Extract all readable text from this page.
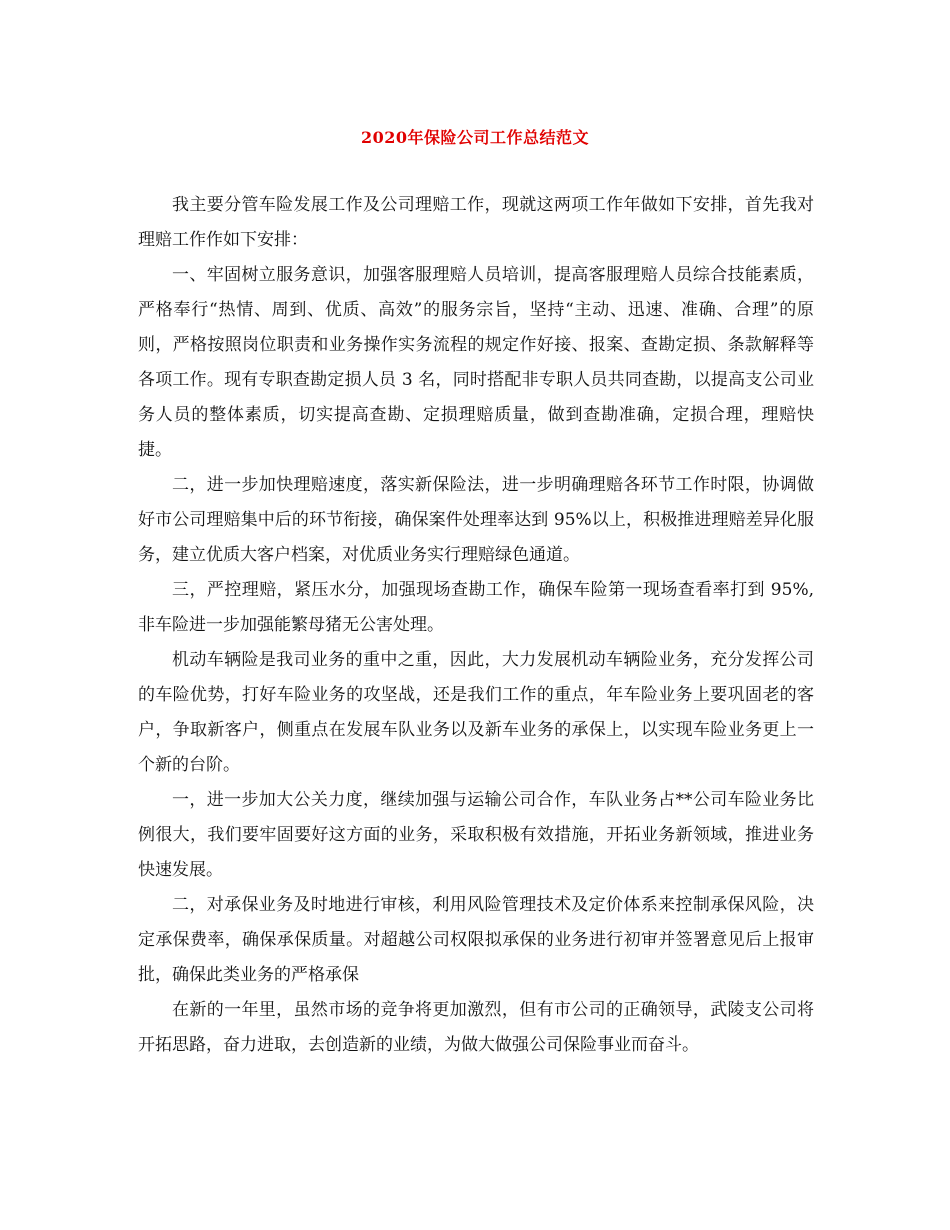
2020年保险公司工作总结范文

我主要分管车险发展工作及公司理赔工作，现就这两项工作年做如下安排，首先我对理赔工作作如下安排：

一、牢固树立服务意识，加强客服理赔人员培训，提高客服理赔人员综合技能素质，严格奉行“热情、周到、优质、高效”的服务宗旨，坚持“主动、迅速、准确、合理”的原则，严格按照岗位职责和业务操作实务流程的规定作好接、报案、查勘定损、条款解释等各项工作。现有专职查勘定损人员 3 名，同时搭配非专职人员共同查勘，以提高支公司业务人员的整体素质，切实提高查勘、定损理赔质量，做到查勘准确，定损合理，理赔快捷。

二，进一步加快理赔速度，落实新保险法，进一步明确理赔各环节工作时限，协调做好市公司理赔集中后的环节衔接，确保案件处理率达到 95%以上，积极推进理赔差异化服务，建立优质大客户档案，对优质业务实行理赔绿色通道。

三，严控理赔，紧压水分，加强现场查勘工作，确保车险第一现场查看率打到 95%,非车险进一步加强能繁母猪无公害处理。

机动车辆险是我司业务的重中之重，因此，大力发展机动车辆险业务，充分发挥公司的车险优势，打好车险业务的攻坚战，还是我们工作的重点，年车险业务上要巩固老的客户，争取新客户，侧重点在发展车队业务以及新车业务的承保上，以实现车险业务更上一个新的台阶。

一，进一步加大公关力度，继续加强与运输公司合作，车队业务占**公司车险业务比例很大，我们要牢固要好这方面的业务，采取积极有效措施，开拓业务新领域，推进业务快速发展。

二，对承保业务及时地进行审核，利用风险管理技术及定价体系来控制承保风险，决定承保费率，确保承保质量。对超越公司权限拟承保的业务进行初审并签署意见后上报审批，确保此类业务的严格承保

在新的一年里，虽然市场的竞争将更加激烈，但有市公司的正确领导，武陵支公司将开拓思路，奋力进取，去创造新的业绩，为做大做强公司保险事业而奋斗。
